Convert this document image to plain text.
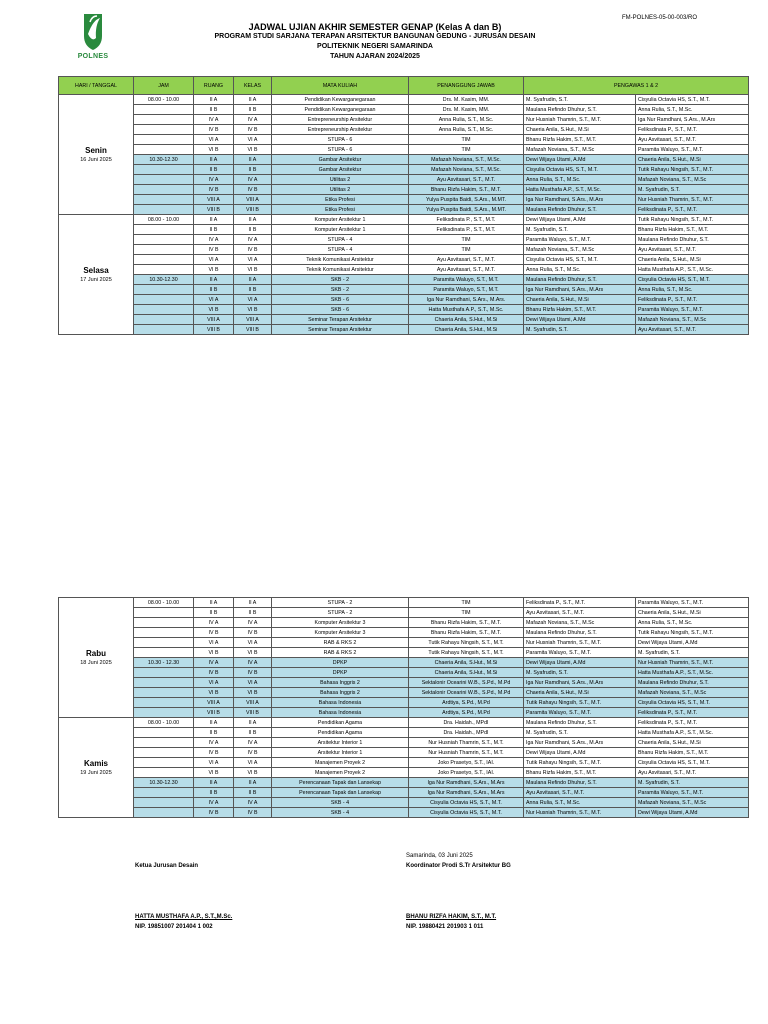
FM-POLNES-05-00-003/RO
POLNES
JADWAL UJIAN AKHIR SEMESTER GENAP (Kelas A dan B)
PROGRAM STUDI SARJANA TERAPAN ARSITEKTUR BANGUNAN GEDUNG - JURUSAN DESAIN
POLITEKNIK NEGERI SAMARINDA
TAHUN AJARAN 2024/2025
HARI / TANGGAL	JAM	RUANG	KELAS	MATA KULIAH	PENANGGUNG JAWAB	PENGAWAS 1 & 2	

Senin
16 Juni 2025	08.00 - 10.00	II A	II A	Pendidikan Kewarganegaraan	Drs. M. Kasim, MM.	M. Syafrudin, S.T.	Cisyulia Octavia HS, S.T., M.T.
		II B	II B	Pendidikan Kewarganegaraan	Drs. M. Kasim, MM.	Maulana Refindo Dhuhur, S.T.	Anna Rulia, S.T., M.Sc.
		IV A	IV A	Entrepreneurship Arsitektur	Anna Rulia, S.T., M.Sc.	Nur Husniah Thamrin, S.T., M.T.	Iga Nur Ramdhani, S.Ars., M.Ars
		IV B	IV B	Entrepreneurship Arsitektur	Anna Rulia, S.T., M.Sc.	Chaeria Anila, S.Hut., M.Si	Feliksdinata P., S.T., M.T.
		VI A	VI A	STUPA - 6	TIM	Bhanu Rizfa Hakim, S.T., M.T.	Ayu Asvitasari, S.T., M.T.
		VI B	VI B	STUPA - 6	TIM	Mafazah Noviana, S.T., M.Sc	Paramita Waluyo, S.T., M.T.
	10.30-12.30	II A	II A	Gambar Arsitektur	Mafazah Noviana, S.T., M.Sc.	Dewi Wijaya Utami, A.Md	Chaeria Anila, S.Hut., M.Si
		II B	II B	Gambar Arsitektur	Mafazah Noviana, S.T., M.Sc.	Cisyulia Octavia HS, S.T., M.T.	Tutik Rahayu Ningsih, S.T., M.T.
		IV A	IV A	Utilitas 2	Ayu Asvitasari, S.T., M.T.	Anna Rulia, S.T., M.Sc.	Mafazah Noviana, S.T., M.Sc
		IV B	IV B	Utilitas 2	Bhanu Rizfa Hakim, S.T., M.T.	Hatta Musthafa A.P., S.T., M.Sc.	M. Syafrudin, S.T.
		VIII A	VIII A	Etika Profesi	Yulya Puspita Baidi, S.Ars., M.MT.	Iga Nur Ramdhani, S.Ars., M.Ars	Nur Husniah Thamrin, S.T., M.T.
		VIII B	VIII B	Etika Profesi	Yulya Puspita Baidi, S.Ars., M.MT.	Maulana Refindo Dhuhur, S.T.	Feliksdinata P., S.T., M.T.

Selasa
17 Juni 2025	08.00 - 10.00	II A	II A	Komputer Arsitektur 1	Feliksdinata P., S.T., M.T.	Dewi Wijaya Utami, A.Md	Tutik Rahayu Ningsih, S.T., M.T.
		II B	II B	Komputer Arsitektur 1	Feliksdinata P., S.T., M.T.	M. Syafrudin, S.T.	Bhanu Rizfa Hakim, S.T., M.T.
		IV A	IV A	STUPA - 4	TIM	Paramita Waluyo, S.T., M.T.	Maulana Refindo Dhuhur, S.T.
		IV B	IV B	STUPA - 4	TIM	Mafazah Noviana, S.T., M.Sc	Ayu Asvitasari, S.T., M.T.
		VI A	VI A	Teknik Komunikasi Arsitektur	Ayu Asvitasari, S.T., M.T.	Cisyulia Octavia HS, S.T., M.T.	Chaeria Anila, S.Hut., M.Si
		VI B	VI B	Teknik Komunikasi Arsitektur	Ayu Asvitasari, S.T., M.T.	Anna Rulia, S.T., M.Sc.	Hatta Musthafa A.P., S.T., M.Sc.
	10.30-12.30	II A	II A	SKB - 2	Paramita Waluyo, S.T., M.T.	Maulana Refindo Dhuhur, S.T.	Cisyulia Octavia HS, S.T., M.T.
		II B	II B	SKB - 2	Paramita Waluyo, S.T., M.T.	Iga Nur Ramdhani, S.Ars., M.Ars	Anna Rulia, S.T., M.Sc.
		VI A	VI A	SKB - 6	Iga Nur Ramdhani, S.Ars., M.Ars.	Chaeria Anila, S.Hut., M.Si	Feliksdinata P., S.T., M.T.
		VI B	VI B	SKB - 6	Hatta Musthafa A.P., S.T., M.Sc.	Bhanu Rizfa Hakim, S.T., M.T.	Paramita Waluyo, S.T., M.T.
		VIII A	VIII A	Seminar Terapan Arsitektur	Chaeria Anila, S.Hut., M.Si	Dewi Wijaya Utami, A.Md	Mafazah Noviana, S.T., M.Sc
		VIII B	VIII B	Seminar Terapan Arsitektur	Chaeria Anila, S.Hut., M.Si	M. Syafrudin, S.T.	Ayu Asvitasari, S.T., M.T.
Rabu
18 Juni 2025	08.00 - 10.00	II A	II A	STUPA - 2	TIM	Feliksdinata P., S.T., M.T.	Paramita Waluyo, S.T., M.T.
		II B	II B	STUPA - 2	TIM	Ayu Asvitasari, S.T., M.T.	Chaeria Anila, S.Hut., M.Si
		IV A	IV A	Komputer Arsitektur 3	Bhanu Rizfa Hakim, S.T., M.T.	Mafazah Noviana, S.T., M.Sc	Anna Rulia, S.T., M.Sc.
		IV B	IV B	Komputer Arsitektur 3	Bhanu Rizfa Hakim, S.T., M.T.	Maulana Refindo Dhuhur, S.T.	Tutik Rahayu Ningsih, S.T., M.T.
		VI A	VI A	RAB & RKS 2	Tutik Rahayu Ningsih, S.T., M.T.	Nur Husniah Thamrin, S.T., M.T.	Dewi Wijaya Utami, A.Md
		VI B	VI B	RAB & RKS 2	Tutik Rahayu Ningsih, S.T., M.T.	Paramita Waluyo, S.T., M.T.	M. Syafrudin, S.T.
	10.30 - 12.30	IV A	IV A	DPKP	Chaeria Anila, S.Hut., M.Si	Dewi Wijaya Utami, A.Md	Nur Husniah Thamrin, S.T., M.T.
		IV B	IV B	DPKP	Chaeria Anila, S.Hut., M.Si	M. Syafrudin, S.T.	Hatta Musthafa A.P., S.T., M.Sc.
		VI A	VI A	Bahasa Inggris 2	Sektalonir Ocearini W.B., S.Pd., M.Pd	Iga Nur Ramdhani, S.Ars., M.Ars	Maulana Refindo Dhuhur, S.T.
		VI B	VI B	Bahasa Inggris 2	Sektalonir Ocearini W.B., S.Pd., M.Pd	Chaeria Anila, S.Hut., M.Si	Mafazah Noviana, S.T., M.Sc
		VIII A	VIII A	Bahasa Indonesia	Ardtiya, S.Pd., M.Pd	Tutik Rahayu Ningsih, S.T., M.T.	Cisyulia Octavia HS, S.T., M.T.
		VIII B	VIII B	Bahasa Indonesia	Ardtiya, S.Pd., M.Pd	Paramita Waluyo, S.T., M.T.	Feliksdinata P., S.T., M.T.

Kamis
19 Juni 2025	08.00 - 10.00	II A	II A	Pendidikan Agama	Dra. Haidah., MPdI	Maulana Refindo Dhuhur, S.T.	Feliksdinata P., S.T., M.T.
		II B	II B	Pendidikan Agama	Dra. Haidah., MPdI	M. Syafrudin, S.T.	Hatta Musthafa A.P., S.T., M.Sc.
		IV A	IV A	Arsitektur Interior 1	Nur Husniah Thamrin, S.T., M.T.	Iga Nur Ramdhani, S.Ars., M.Ars	Chaeria Anila, S.Hut., M.Si
		IV B	IV B	Arsitektur Interior 1	Nur Husniah Thamrin, S.T., M.T.	Dewi Wijaya Utami, A.Md	Bhanu Rizfa Hakim, S.T., M.T.
		VI A	VI A	Manajemen Proyek 2	Joko Prasetyo, S.T., IAI.	Tutik Rahayu Ningsih, S.T., M.T.	Cisyulia Octavia HS, S.T., M.T.
		VI B	VI B	Manajemen Proyek 2	Joko Prasetyo, S.T., IAI.	Bhanu Rizfa Hakim, S.T., M.T.	Ayu Asvitasari, S.T., M.T.
	10.30-12.30	II A	II A	Perencanaan Tapak dan Lansekap	Iga Nur Ramdhani, S.Ars., M.Ars	Maulana Refindo Dhuhur, S.T.	M. Syafrudin, S.T.
		II B	II B	Perencanaan Tapak dan Lansekap	Iga Nur Ramdhani, S.Ars., M.Ars	Ayu Asvitasari, S.T., M.T.	Paramita Waluyo, S.T., M.T.
		IV A	IV A	SKB - 4	Cisyulia Octavia HS, S.T., M.T.	Anna Rulia, S.T., M.Sc.	Mafazah Noviana, S.T., M.Sc
		IV B	IV B	SKB - 4	Cisyulia Octavia HS, S.T., M.T.	Nur Husniah Thamrin, S.T., M.T.	Dewi Wijaya Utami, A.Md
Samarinda, 03 Juni 2025
Ketua Jurusan Desain	Koordinator Prodi S.Tr Arsitektur BG
HATTA MUSTHAFA A.P., S.T.,M.Sc.
NIP. 19851007 201404 1 002
BHANU RIZFA HAKIM, S.T., M.T.
NIP. 19880421 201903 1 011
